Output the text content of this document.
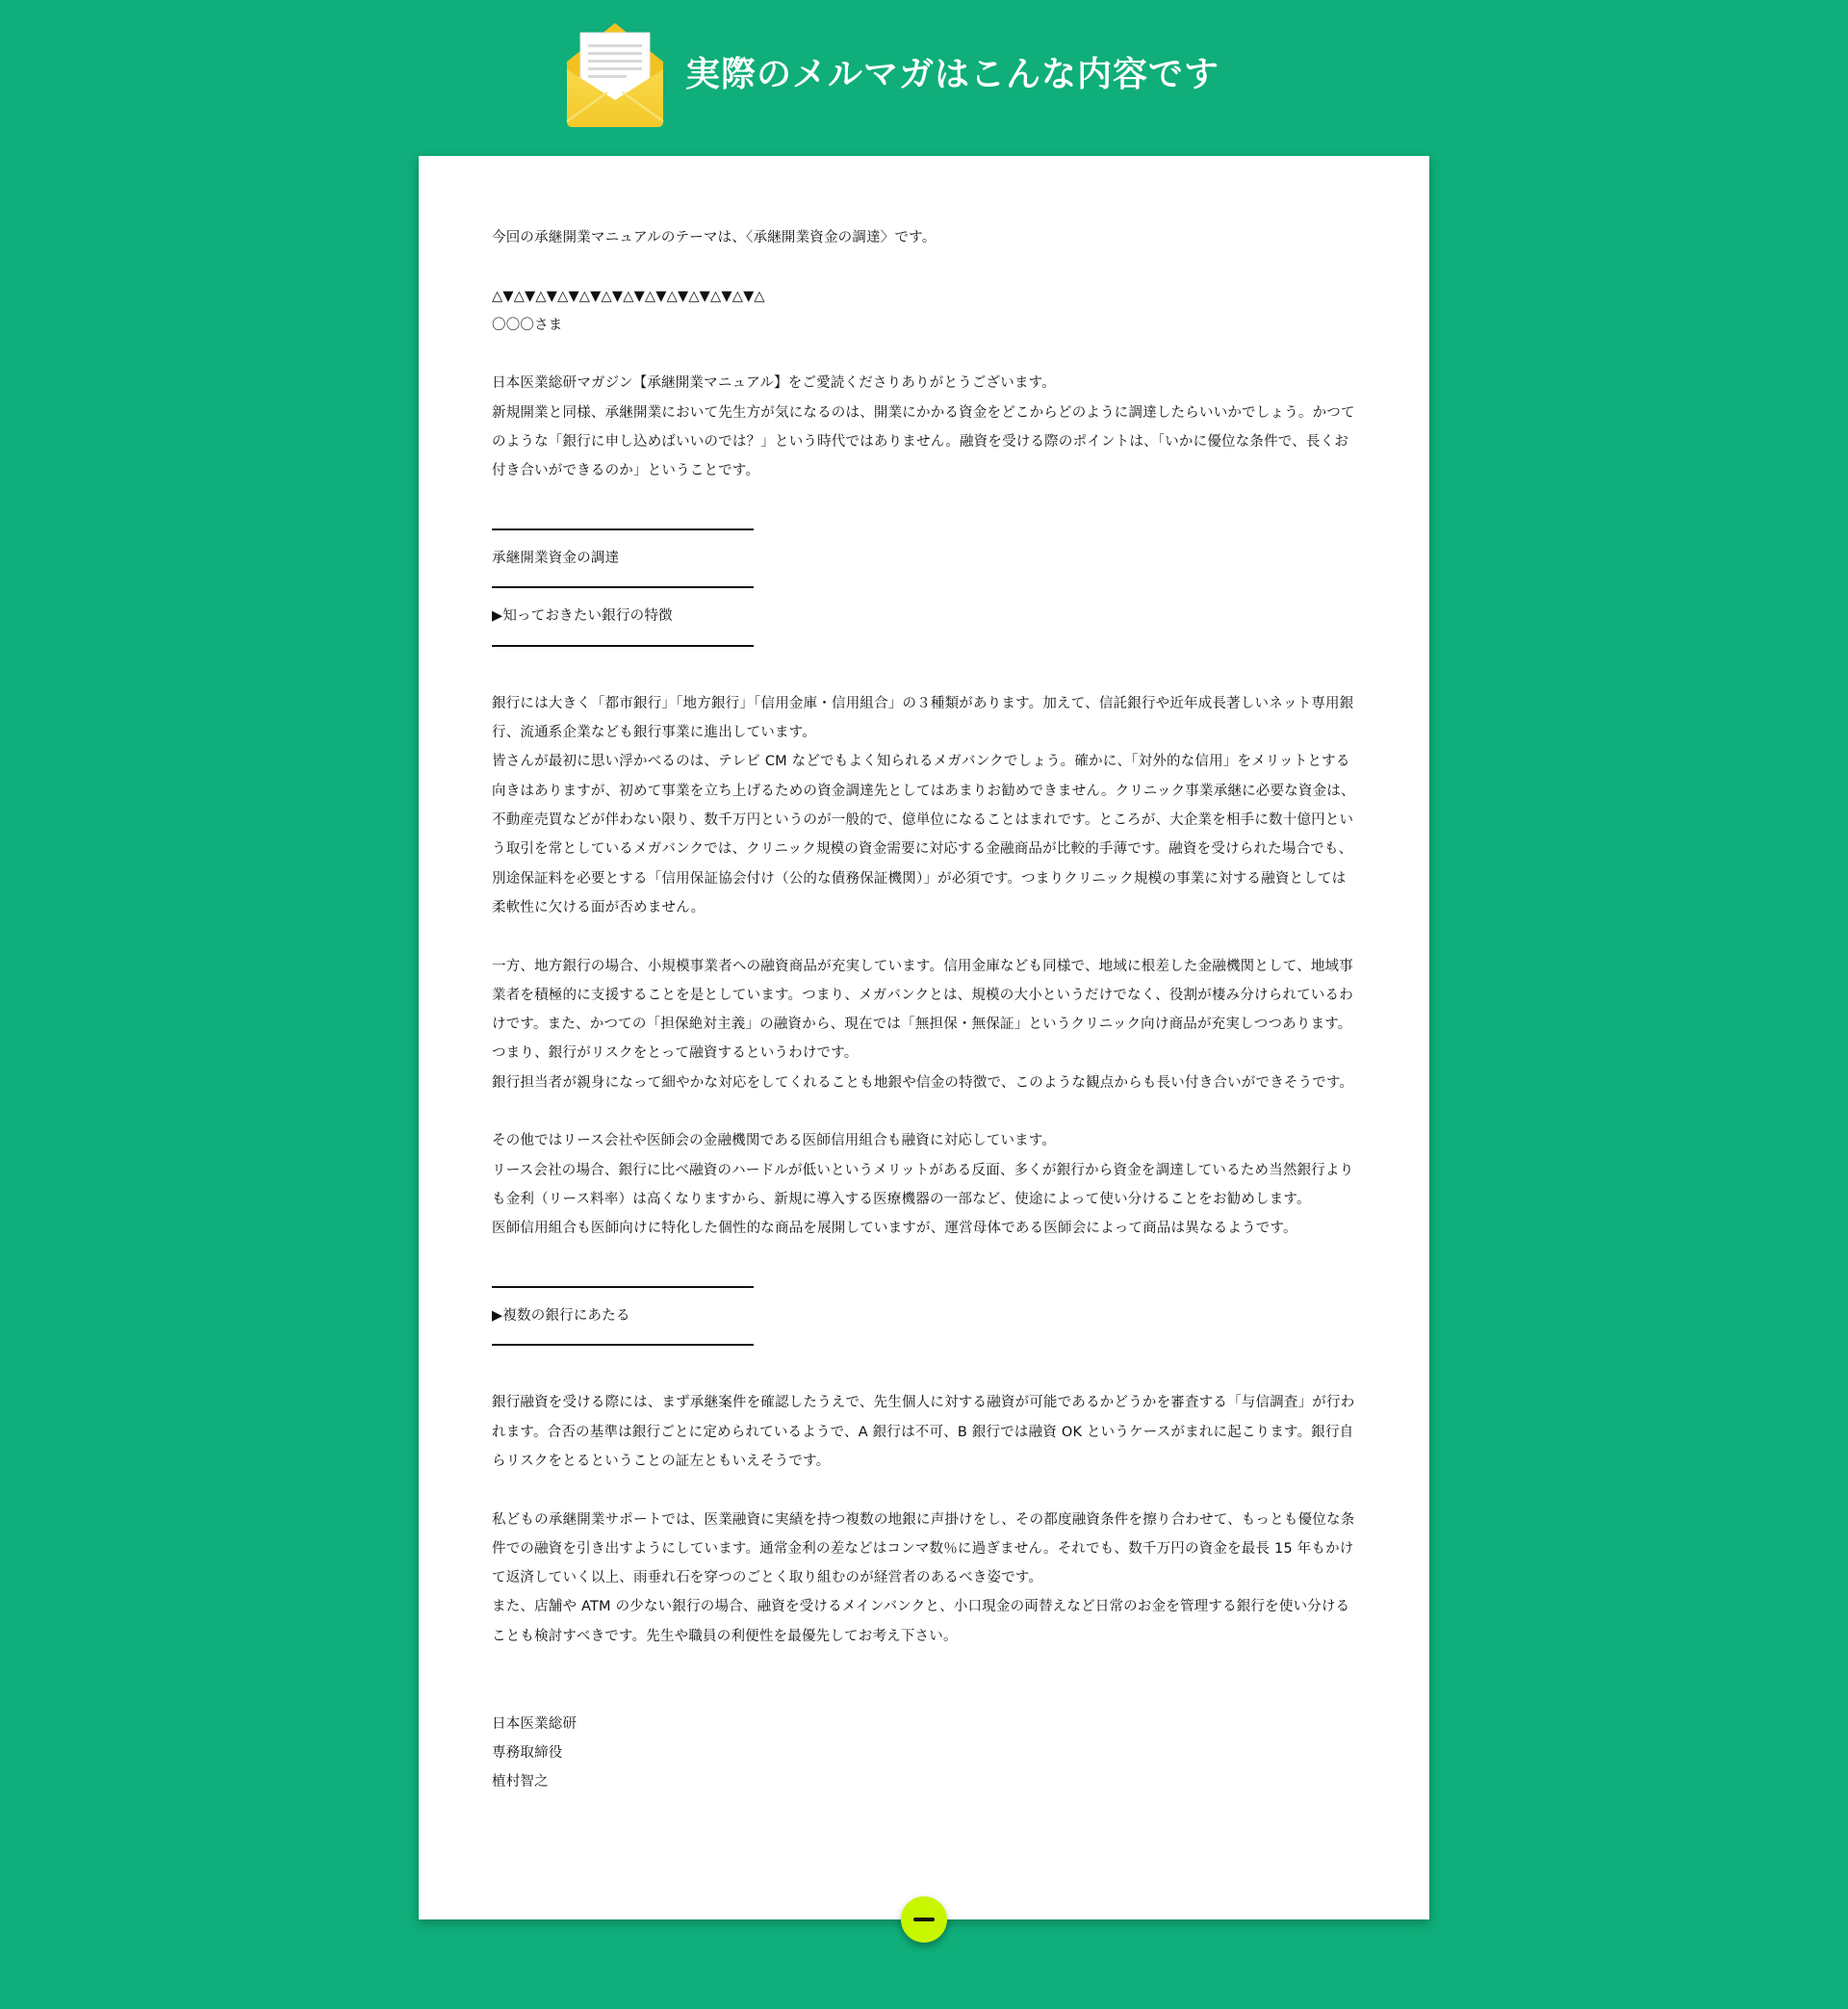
実際のメルマガはこんな内容です

今回の承継開業マニュアルのテーマは、〈承継開業資金の調達〉です。

△▼△▼△▼△▼△▼△▼△▼△▼△▼△▼△▼△▼△

〇〇〇さま

日本医業総研マガジン【承継開業マニュアル】をご愛読くださりありがとうございます。

新規開業と同様、承継開業において先生方が気になるのは、開業にかかる資金をどこからどのように調達したらいいかでしょう。かつてのような「銀行に申し込めばいいのでは？」という時代ではありません。融資を受ける際のポイントは、「いかに優位な条件で、長くお付き合いができるのか」ということです。

承継開業資金の調達

▶知っておきたい銀行の特徴

銀行には大きく「都市銀行」「地方銀行」「信用金庫・信用組合」の３種類があります。加えて、信託銀行や近年成長著しいネット専用銀行、流通系企業なども銀行事業に進出しています。

皆さんが最初に思い浮かべるのは、テレビ CM などでもよく知られるメガバンクでしょう。確かに、「対外的な信用」をメリットとする向きはありますが、初めて事業を立ち上げるための資金調達先としてはあまりお勧めできません。クリニック事業承継に必要な資金は、不動産売買などが伴わない限り、数千万円というのが一般的で、億単位になることはまれです。ところが、大企業を相手に数十億円という取引を常としているメガバンクでは、クリニック規模の資金需要に対応する金融商品が比較的手薄です。融資を受けられた場合でも、別途保証料を必要とする「信用保証協会付け（公的な債務保証機関）」が必須です。つまりクリニック規模の事業に対する融資としては柔軟性に欠ける面が否めません。

一方、地方銀行の場合、小規模事業者への融資商品が充実しています。信用金庫なども同様で、地域に根差した金融機関として、地域事業者を積極的に支援することを是としています。つまり、メガバンクとは、規模の大小というだけでなく、役割が棲み分けられているわけです。また、かつての「担保絶対主義」の融資から、現在では「無担保・無保証」というクリニック向け商品が充実しつつあります。つまり、銀行がリスクをとって融資するというわけです。

銀行担当者が親身になって細やかな対応をしてくれることも地銀や信金の特徴で、このような観点からも長い付き合いができそうです。

その他ではリース会社や医師会の金融機関である医師信用組合も融資に対応しています。

リース会社の場合、銀行に比べ融資のハードルが低いというメリットがある反面、多くが銀行から資金を調達しているため当然銀行よりも金利（リース料率）は高くなりますから、新規に導入する医療機器の一部など、使途によって使い分けることをお勧めします。

医師信用組合も医師向けに特化した個性的な商品を展開していますが、運営母体である医師会によって商品は異なるようです。

▶複数の銀行にあたる

銀行融資を受ける際には、まず承継案件を確認したうえで、先生個人に対する融資が可能であるかどうかを審査する「与信調査」が行われます。合否の基準は銀行ごとに定められているようで、A 銀行は不可、B 銀行では融資 OK というケースがまれに起こります。銀行自らリスクをとるということの証左ともいえそうです。

私どもの承継開業サポートでは、医業融資に実績を持つ複数の地銀に声掛けをし、その都度融資条件を擦り合わせて、もっとも優位な条件での融資を引き出すようにしています。通常金利の差などはコンマ数％に過ぎません。それでも、数千万円の資金を最長 15 年もかけて返済していく以上、雨垂れ石を穿つのごとく取り組むのが経営者のあるべき姿です。

また、店舗や ATM の少ない銀行の場合、融資を受けるメインバンクと、小口現金の両替えなど日常のお金を管理する銀行を使い分けることも検討すべきです。先生や職員の利便性を最優先してお考え下さい。

日本医業総研

専務取締役

植村智之
